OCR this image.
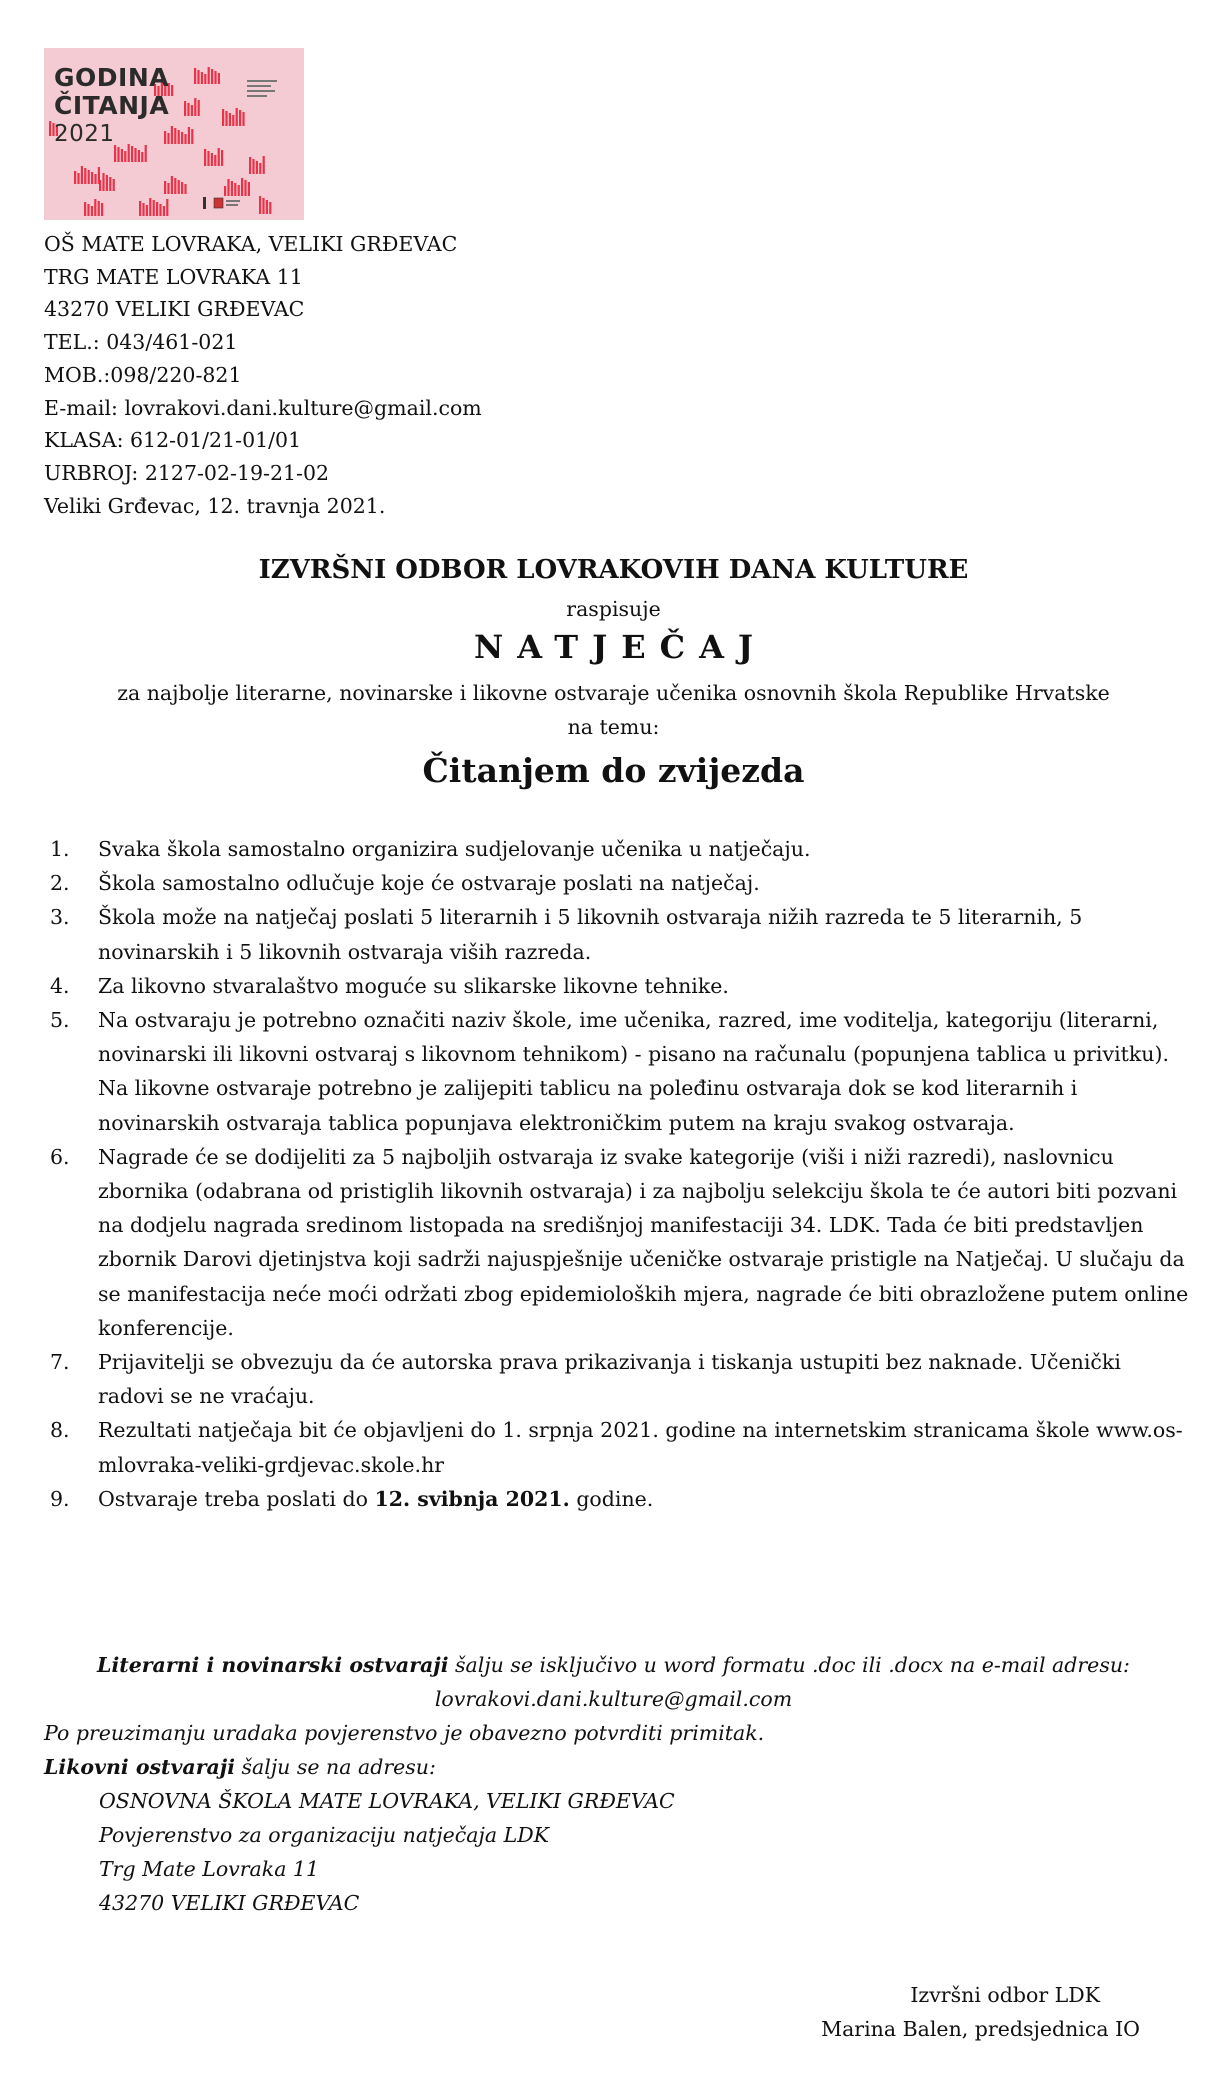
GODINA
ČITANJA
2021
OŠ MATE LOVRAKA, VELIKI GRĐEVAC
TRG MATE LOVRAKA 11
43270 VELIKI GRĐEVAC
TEL.: 043/461-021
MOB.:098/220-821
E-mail: lovrakovi.dani.kulture@gmail.com
KLASA: 612-01/21-01/01
URBROJ: 2127-02-19-21-02
Veliki Grđevac, 12. travnja 2021.
IZVRŠNI ODBOR LOVRAKOVIH DANA KULTURE
raspisuje
NATJEČAJ
za najbolje literarne, novinarske i likovne ostvaraje učenika osnovnih škola Republike Hrvatske
na temu:
Čitanjem do zvijezda
1. Svaka škola samostalno organizira sudjelovanje učenika u natječaju.
2. Škola samostalno odlučuje koje će ostvaraje poslati na natječaj.
3. Škola može na natječaj poslati 5 literarnih i 5 likovnih ostvaraja nižih razreda te 5 literarnih, 5 novinarskih i 5 likovnih ostvaraja viših razreda.
4. Za likovno stvaralaštvo moguće su slikarske likovne tehnike.
5. Na ostvaraju je potrebno označiti naziv škole, ime učenika, razred, ime voditelja, kategoriju (literarni, novinarski ili likovni ostvaraj s likovnom tehnikom) - pisano na računalu (popunjena tablica u privitku). Na likovne ostvaraje potrebno je zalijepiti tablicu na poleđinu ostvaraja dok se kod literarnih i novinarskih ostvaraja tablica popunjava elektroničkim putem na kraju svakog ostvaraja.
6. Nagrade će se dodijeliti za 5 najboljih ostvaraja iz svake kategorije (viši i niži razredi), naslovnicu zbornika (odabrana od pristiglih likovnih ostvaraja) i za najbolju selekciju škola te će autori biti pozvani na dodjelu nagrada sredinom listopada na središnjoj manifestaciji 34. LDK. Tada će biti predstavljen zbornik Darovi djetinjstva koji sadrži najuspješnije učeničke ostvaraje pristigle na Natječaj. U slučaju da se manifestacija neće moći održati zbog epidemioloških mjera, nagrade će biti obrazložene putem online konferencije.
7. Prijavitelji se obvezuju da će autorska prava prikazivanja i tiskanja ustupiti bez naknade. Učenički radovi se ne vraćaju.
8. Rezultati natječaja bit će objavljeni do 1. srpnja 2021. godine na internetskim stranicama škole www.os-mlovraka-veliki-grdjevac.skole.hr
9. Ostvaraje treba poslati do 12. svibnja 2021. godine.
Literarni i novinarski ostvaraji šalju se isključivo u word formatu .doc ili .docx na e-mail adresu:
lovrakovi.dani.kulture@gmail.com
Po preuzimanju uradaka povjerenstvo je obavezno potvrditi primitak.
Likovni ostvaraji šalju se na adresu:
OSNOVNA ŠKOLA MATE LOVRAKA, VELIKI GRĐEVAC
Povjerenstvo za organizaciju natječaja LDK
Trg Mate Lovraka 11
43270 VELIKI GRĐEVAC
Izvršni odbor LDK
Marina Balen, predsjednica IO
